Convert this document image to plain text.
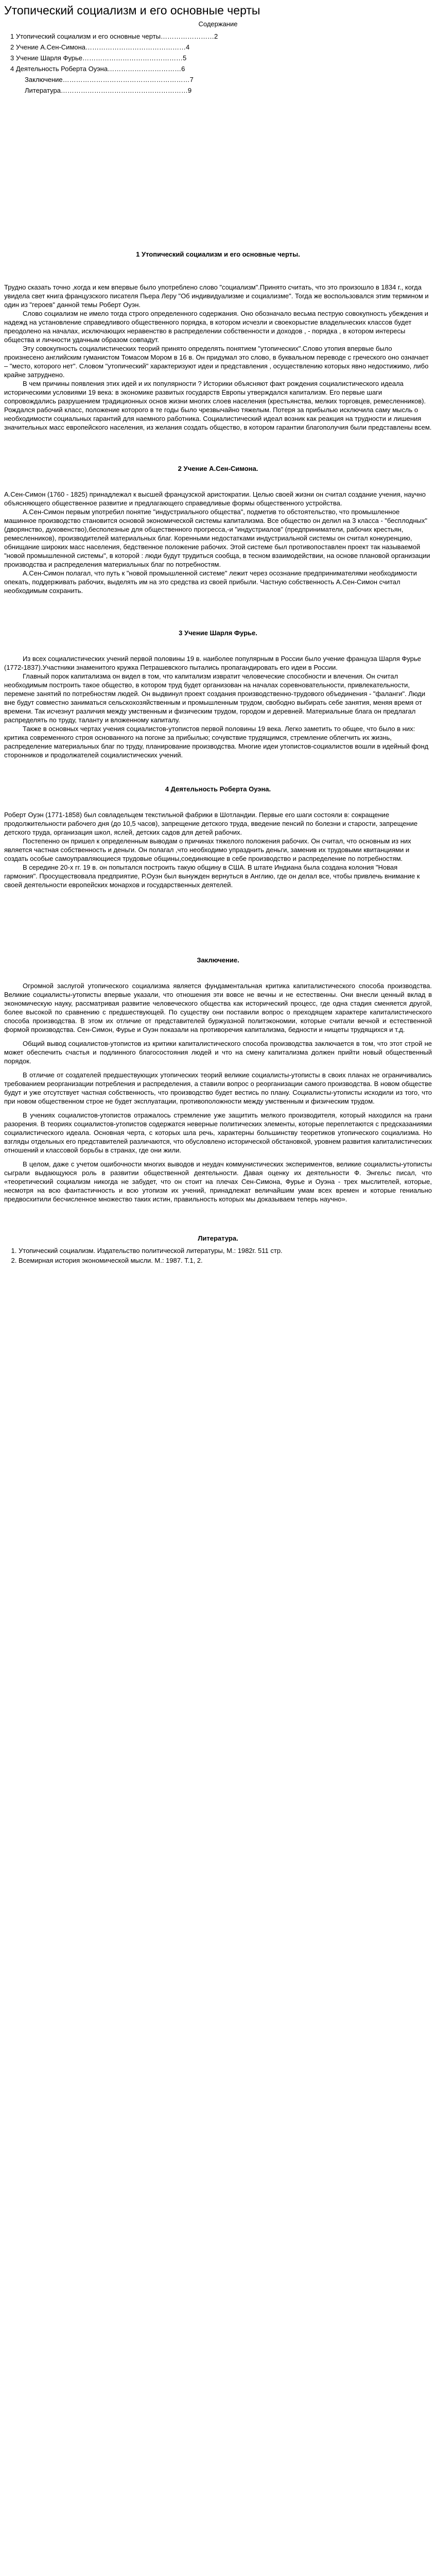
Утопический социализм и его основные черты
Содержание
1 Утопический социализм и его основные черты……………………2
2 Учение А.Сен-Симона………………………………………4
3 Учение Шарля Фурье………………………………………5
4 Деятельность Роберта Оуэна……………………………6
Заключение…………………………………………………7
Литература…………………………………………………9
1 Утопический социализм и его основные черты.

Трудно сказать точно ,когда и кем впервые было употреблено слово "социализм".Принято считать, что это произошло в 1834 г., когда увидела свет книга французского писателя Пьера Леру "Об индивидуализме и социализме". Тогда же воспользовался этим термином и один из "героев" данной темы Роберт Оуэн.

Слово социализм не имело тогда строго определенного содержания. Оно обозначало весьма пеструю совокупность убеждения и надежд на установление справедливого общественного порядка, в котором исчезли и своекорыстие владельческих классов будет преодолено на началах, исключающих неравенство в распределении собственности и доходов , - порядка , в котором интересы общества и личности удачным образом совпадут.

Эту совокупность социалистических теорий принято определять понятием "утопических".Слово утопия впервые было произнесено английским гуманистом Томасом Мором в 16 в. Он придумал это слово, в буквальном переводе с греческого оно означает – "место, которого нет". Словом "утопический" характеризуют идеи и представления , осуществлению которых явно недостижимо, либо крайне затруднено.

В чем причины появления этих идей и их популярности ? Историки объясняют факт рождения социалистического идеала историческими условиями 19 века: в экономике развитых государств Европы утверждался капитализм. Его первые шаги сопровождались разрушением традиционных основ жизни многих слоев населения (крестьянства, мелких торговцев, ремесленников). Рождался рабочий класс, положение которого в те годы было чрезвычайно тяжелым. Потеря за прибылью исключила саму мысль о необходимости социальных гарантий для наемного работника. Социалистический идеал возник как реакция на трудности и лишения значительных масс европейского населения, из желания создать общество, в котором гарантии благополучия были представлены всем.

2 Учение А.Сен-Симона.

А.Сен-Симон (1760 - 1825) принадлежал к высшей французской аристократии. Целью своей жизни он считал создание учения, научно объясняющего общественное развитие и предлагающего справедливые формы общественного устройства.

А.Сен-Симон первым употребил понятие "индустриального общества", подметив то обстоятельство, что промышленное машинное производство становится основой экономической системы капитализма. Все общество он делил на 3 класса - "бесплодных" (дворянство, духовенство),бесполезные для общественного прогресса,-и "индустриалов" (предприниматели, рабочих крестьян, ремесленников), производителей материальных благ. Коренными недостатками индустриальной системы он считал конкуренцию, обнищание широких масс населения, бедственное положение рабочих. Этой системе был противопоставлен проект так называемой "новой промышленной системы", в которой : люди будут трудиться сообща, в тесном взаимодействии, на основе плановой организации производства и распределения материальных благ по потребностям.

А.Сен-Симон полагал, что путь к "новой промышленной системе" лежит через осознание предпринимателями необходимости опекать, поддерживать рабочих, выделять им на это средства из своей прибыли. Частную собственность А.Сен-Симон считал необходимым сохранить.

3 Учение Шарля Фурье.

Из всех социалистических учений первой половины 19 в. наиболее популярным в России было учение француза Шарля Фурье (1772-1837).Участники знаменитого кружка Петрашевского пытались пропагандировать его идеи в России.

Главный порок капитализма он видел в том, что капитализм извратит человеческие способности и влечения. Он считал необходимым построить такое общество, в котором труд будет организован на началах соревновательности, привлекательности, переменe занятий по потребностям людей. Он выдвинул проект создания производственно-трудового объединения - "фаланги". Люди вне будут совместно заниматься сельскохозяйственным и промышленным трудом, свободно выбирать себе занятия, меняя время от времени. Так исчезнут различия между умственным и физическим трудом, городом и деревней. Материальные блага он предлагал распределять по труду, таланту и вложенному капиталу.

Также в основных чертах учения социалистов-утопистов первой половины 19 века. Легко заметить то общее, что было в них: критика современного строя основанного на погоне за прибылью; сочувствие трудящимся, стремление облегчить их жизнь, распределение материальных благ по труду, планирование производства. Многие идеи утопистов-социалистов вошли в идейный фонд сторонников и продолжателей социалистических учений.

4 Деятельность Роберта Оуэна.

Роберт Оуэн (1771-1858) был совладельцем текстильной фабрики в Шотландии. Первые его шаги состояли в: сокращение продолжительности рабочего дня (до 10,5 часов), запрещение детского труда, введение пенсий по болезни и старости, запрещение детского труда, организация школ, яслей, детских садов для детей рабочих.

Постепенно он пришел к определенным выводам о причинах тяжелого положения рабочих. Он считал, что основным из них является частная собственность и деньги. Он полагал ,что необходимо упразднить деньги, заменив их трудовыми квитанциями и создать особые самоуправляющиеся трудовые общины,соединяющие в себе производство и распределение по потребностям.

В середине 20-х гг. 19 в. он попытался построить такую общину в США. В штате Индиана была создана колония "Новая гармония". Просуществовала предприятие, Р.Оуэн был вынужден вернуться в Англию, где он делал все, чтобы привлечь внимание к своей деятельности европейских монархов и государственных деятелей.

Заключение.

Огромной заслугой утопического социализма является фундаментальная критика капиталистического способа производства. Великие социалисты-утописты впервые указали, что отношения эти вовсе не вечны и не естественны. Они внесли ценный вклад в экономическую науку, рассматривая развитие человеческого общества как исторический процесс, где одна стадия сменяется другой, более высокой по сравнению с предшествующей. По существу они поставили вопрос о преходящем характере капиталистического способа производства. В этом их отличие от представителей буржуазной политэкономии, которые считали вечной и естественной формой производства. Сен-Симон, Фурье и Оуэн показали на противоречия капитализма, бедности и нищеты трудящихся и т.д.

Общий вывод социалистов-утопистов из критики капиталистического способа производства заключается в том, что этот строй не может обеспечить счастья и подлинного благосостояния людей и что на смену капитализма должен прийти новый общественный порядок.

В отличие от создателей предшествующих утопических теорий великие социалисты-утописты в своих планах не ограничивались требованием реорганизации потребления и распределения, а ставили вопрос о реорганизации самого производства. В новом обществе будут и уже отсутствует частная собственность, что производство будет вестись по плану. Социалисты-утописты исходили из того, что при новом общественном строе не будет эксплуатации, противоположности между умственным и физическим трудом.

В учениях социалистов-утопистов отражалось стремление уже защитить мелкого производителя, который находился на грани разорения. В теориях социалистов-утопистов содержатся неверные политических элементы, которые переплетаются с предсказаниями социалистического идеала. Основная черта, с которых шла речь, характерны большинству теоретиков утопического социализма. Но взгляды отдельных его представителей различаются, что обусловлено исторической обстановкой, уровнем развития капиталистических отношений и классовой борьбы в странах, где они жили.

В целом, даже с учетом ошибочности многих выводов и неудач коммунистических экспериментов, великие социалисты-утописты сыграли выдающуюся роль в развитии общественной деятельности. Давая оценку их деятельности Ф. Энгельс писал, что «теоретический социализм никогда не забудет, что он стоит на плечах Сен-Симона, Фурье и Оуэна - трех мыслителей, которые, несмотря на всю фантастичность и всю утопизм их учений, принадлежат величайшим умам всех времен и которые гениально предвосхитили бесчисленное множество таких истин, правильность которых мы доказываем теперь научно».

Литература.
1. Утопический социализм. Издательство политической литературы, М.: 1982г. 511 стр.
2. Всемирная история экономической мысли. М.: 1987. Т.1, 2.
